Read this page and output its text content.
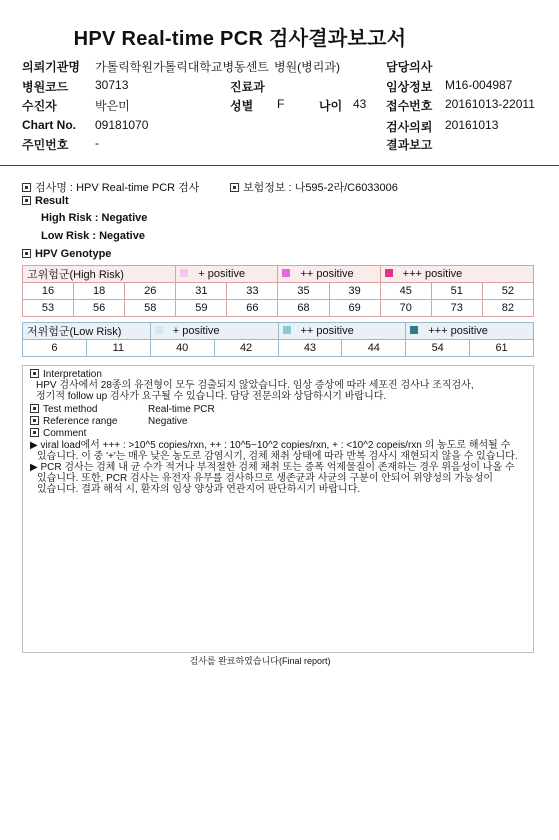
HPV Real-time PCR 검사결과보고서
의뢰기관명 가톨릭학원가톨릭대학교병동센트 병원(병리과)	담당의사
병원코드 30713	진료과	임상정보 M16-004987
수진자	박은미	성별 F	나이 43 접수번호 20161013-22011
Chart No. 09181070	검사의뢰 20161013
주민번호 -	결과보고
검사명 : HPV Real-time PCR 검사	보험정보 : 나595-2라/C6033006
Result
High Risk : Negative
Low Risk : Negative
HPV Genotype
고위험군(High Risk)			+ positive		++ positive		+++ positive		
16	18	26	31	33	35	39	45	51	52
53	56	58	59	66	68	69	70	73	82
저위험군(Low Risk)		+ positive		++ positive		+++ positive	
6	11	40	42	43	44	54	61
Interpretation
HPV 검사에서 28종의 유전형이 모두 검출되지 않았습니다. 임상 증상에 따라 세포진 검사나 조직검사,
정기적 follow up 검사가 요구될 수 있습니다. 담당 전문의와 상담하시기 바랍니다.
Test method	Real-time PCR
Reference range	Negative
Comment
▶ viral load에서 +++ : >10^5 copies/rxn, ++ : 10^5~10^2 copies/rxn, + : <10^2 copeis/rxn 의 농도로 해석될 수
있습니다. 이 중 '+'는 매우 낮은 농도로 감염시기, 검체 채취 상태에 따라 반복 검사시 재현되지 않을 수 있습니다.
▶ PCR 검사는 검체 내 균 수가 적거나 부적절한 검체 채취 또는 증폭 억제물질이 존재하는 경우 위음성이 나올 수
있습니다. 또한, PCR 검사는 유전자 유무를 검사하므로 생존균과 사균의 구분이 안되어 위양성의 가능성이
있습니다. 결과 해석 시, 환자의 임상 양상과 연관지어 판단하시기 바랍니다.
검사를 완료하였습니다(Final report)
